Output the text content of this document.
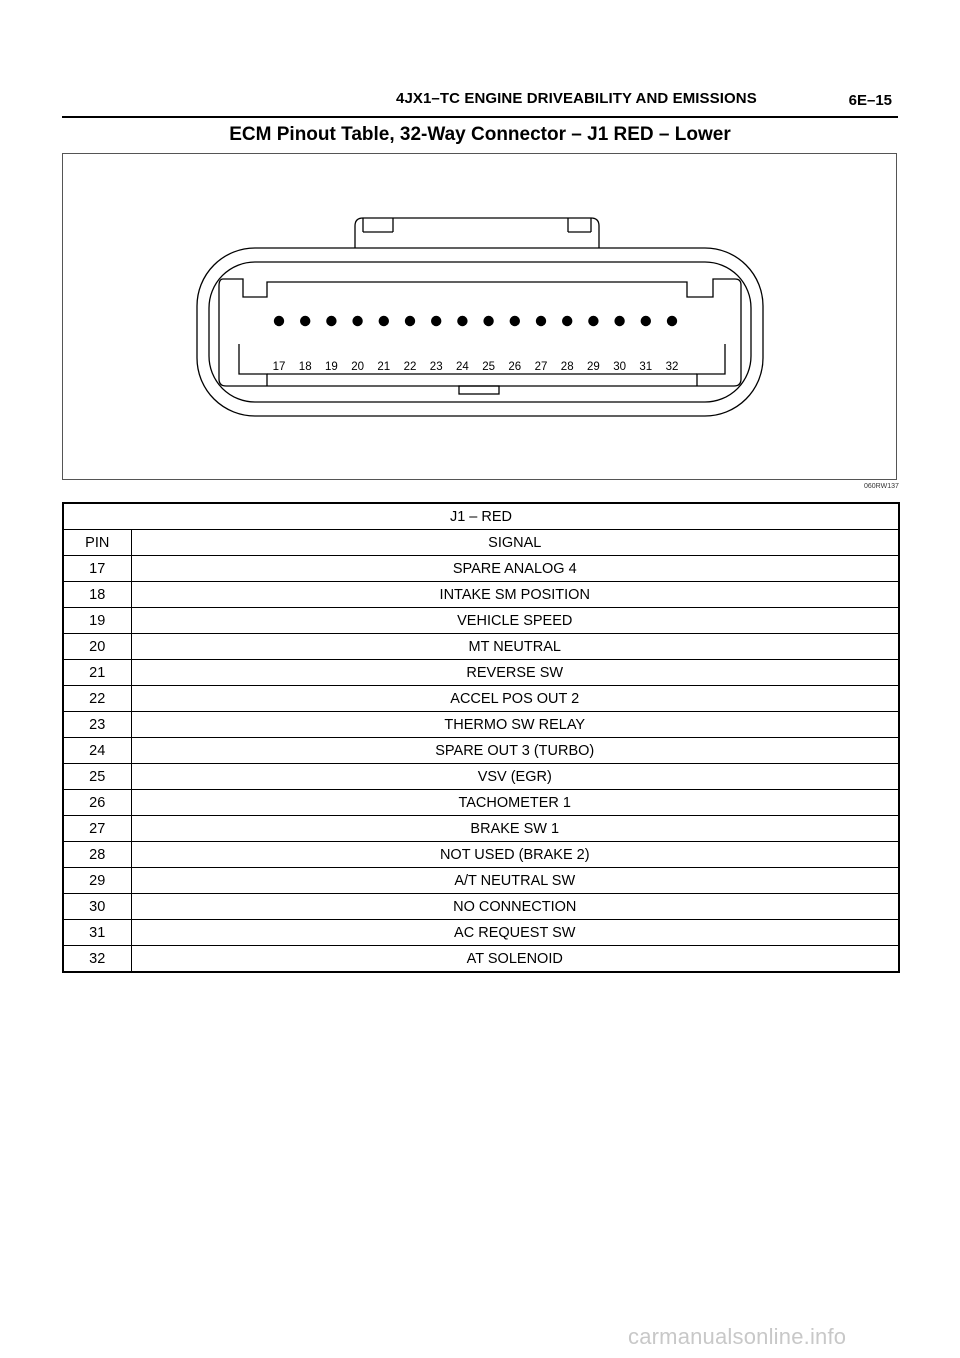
4JX1–TC ENGINE DRIVEABILITY AND EMISSIONS	6E–15
ECM Pinout Table, 32-Way Connector – J1 RED – Lower
17 18 19 20 21 22 23 24 25 26 27 28 29 30 31 32
060RW137
J1 – RED	
PIN	SIGNAL
17	SPARE ANALOG 4
18	INTAKE SM POSITION
19	VEHICLE SPEED
20	MT NEUTRAL
21	REVERSE SW
22	ACCEL POS OUT 2
23	THERMO SW RELAY
24	SPARE OUT 3 (TURBO)
25	VSV (EGR)
26	TACHOMETER 1
27	BRAKE SW 1
28	NOT USED (BRAKE 2)
29	A/T NEUTRAL SW
30	NO CONNECTION
31	AC REQUEST SW
32	AT SOLENOID
carmanualsonline.info
